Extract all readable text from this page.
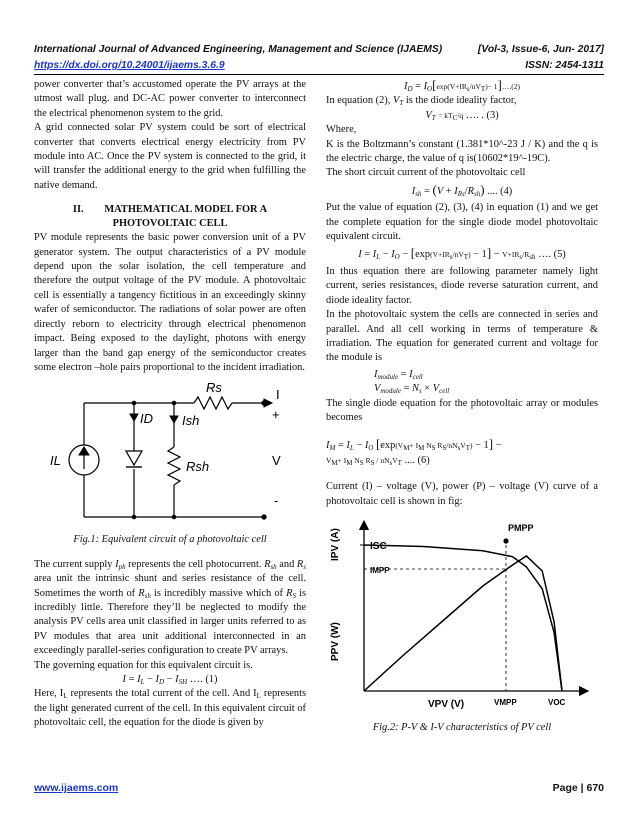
International Journal of Advanced Engineering, Management and Science (IJAEMS)	[Vol-3, Issue-6, Jun- 2017]
https://dx.doi.org/10.24001/ijaems.3.6.9	ISSN: 2454-1311

power converter that’s accustomed operate the PV arrays at the utmost wall plug. and DC-AC power converter to interconnect the electrical phenomenon system to the grid.

A grid connected solar PV system could be sort of electrical converter that converts electrical energy electricity from PV module into AC. Once the PV system is connected to the grid, it will transfer the additional energy to the grid when fulfilling the native demand.

II. MATHEMATICAL MODEL FOR A
PHOTOVOLTAIC CELL

PV module represents the basic power conversion unit of a PV generator system. The output characteristics of a PV module depend upon the solar isolation, the cell temperature and therefore the output voltage of the PV module. A photovoltaic cell is essentially a tangency fictitious in an exceedingly skinny wafer of semiconductor. The radiations of solar power are often directly reborn to electricity through electrical phenomenon impact. Being exposed to the daylight, photons with energy larger than the band gap energy of the semiconductor creates some electron –hole pairs proportional to the incident irradiation.

Rs
IL
ID Ish
Rsh
I
+
V
-

Fig.1: Equivalent circuit of a photovoltaic cell

The current supply $I_{ph}$ represents the cell photocurrent. $R_{sh}$ and $R_s$ area unit the intrinsic shunt and series resistance of the cell. Sometimes the worth of $R_{sh}$ is incredibly massive which of $R_S$ is incredibly little. Therefore they’ll be neglected to modify the analysis PV cells area unit classified in larger units referred to as PV modules that area unit additional interconnected in an exceedingly parallel-series configuration to create PV arrays.

The governing equation for this equivalent circuit is.

$I = I_L - I_D - I_{SH}$ …. (1)

Here, $I_L$ represents the total current of the cell. And $I_L$ represents the light generated current of the cell. In this equivalent circuit of photovoltaic cell, the equation for the diode is given by

$I_D = I_O[\exp(V+IR_s/nV_T)-$ 1]….(2)

In equation (2), $V_T$ is the diode ideality factor,

$V_T = kT_C/q$ …. . (3)

Where,

K is the Boltzmann’s constant (1.381*10^-23 J / K) and the q is the electric charge, the value of q is(10602*19^-19C).

The short circuit current of the photovoltaic cell

$I_{sh} = (V + I_{Rs}/R_{sh})$ .... (4)

Put the value of equation (2), (3), (4) in equation (1) and we get the complete equation for the single diode model photovoltaic equivalent circuit.

$I = I_L - I_O - [\exp(V+IR_s/nV_T) - 1] - V+IR_s/R_{sh}$ …. (5)

In thus equation there are following parameter namely light current, series resistances, diode reverse saturation current, and diode ideality factor.

In the photovoltaic system the cells are connected in series and parallel. And all cell working in terms of temperature & irradiation. The equation for generated current and voltage for the module is

$I_{module} = I_{cell}$

$V_{module} = N_s \times V_{cell}$

The single diode equation for the photovoltaic array or modules becomes

$I_M = I_L - I_O$ [$\exp(V_M+ I_M$ $N_S$ $R_S/nN_sV_T) - 1$] −

$V_M+ I_M$ $N_S$ $R_S / nN_sV_T$ .... (6)

Current (I) – voltage (V), power (P) – voltage (V) curve of a photovoltaic cell is shown in fig:

IPV (A)	ISC
IMPP
PMPP
PPV (W)
VPV (V)	VMPP	VOC

Fig.2: P-V & I-V characteristics of PV cell

www.ijaems.com	Page | 670
